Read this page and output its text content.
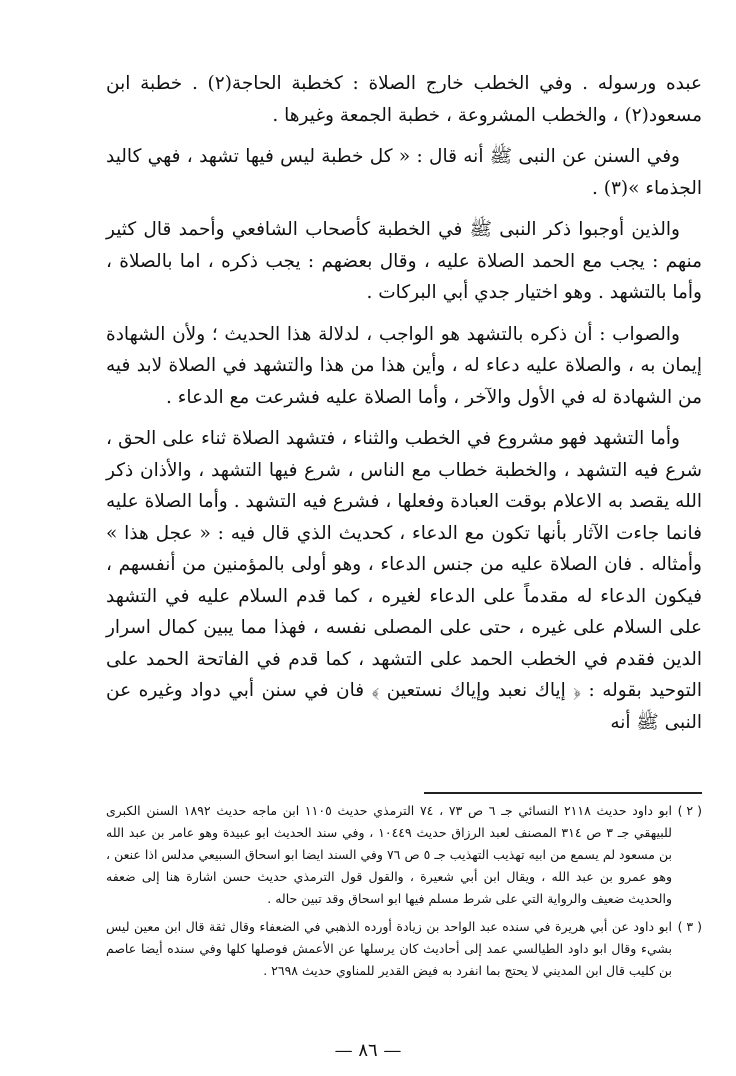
عبده ورسوله . وفي الخطب خارج الصلاة : كخطبة الحاجة(٢) . خطبة ابن مسعود(٢) ، والخطب المشروعة ، خطبة الجمعة وغيرها .

وفي السنن عن النبى ﷺ أنه قال : « كل خطبة ليس فيها تشهد ، فهي كاليد الجذماء »(٣) .

والذين أوجبوا ذكر النبى ﷺ في الخطبة كأصحاب الشافعي وأحمد قال كثير منهم : يجب مع الحمد الصلاة عليه ، وقال بعضهم : يجب ذكره ، اما بالصلاة ، وأما بالتشهد . وهو اختيار جدي أبي البركات .

والصواب : أن ذكره بالتشهد هو الواجب ، لدلالة هذا الحديث ؛ ولأن الشهادة إيمان به ، والصلاة عليه دعاء له ، وأين هذا من هذا والتشهد في الصلاة لابد فيه من الشهادة له في الأول والآخر ، وأما الصلاة عليه فشرعت مع الدعاء .

وأما التشهد فهو مشروع في الخطب والثناء ، فتشهد الصلاة ثناء على الحق ، شرع فيه التشهد ، والخطبة خطاب مع الناس ، شرع فيها التشهد ، والأذان ذكر الله يقصد به الاعلام بوقت العبادة وفعلها ، فشرع فيه التشهد . وأما الصلاة عليه فانما جاءت الآثار بأنها تكون مع الدعاء ، كحديث الذي قال فيه : « عجل هذا » وأمثاله . فان الصلاة عليه من جنس الدعاء ، وهو أولى بالمؤمنين من أنفسهم ، فيكون الدعاء له مقدماً على الدعاء لغيره ، كما قدم السلام عليه في التشهد على السلام على غيره ، حتى على المصلى نفسه ، فهذا مما يبين كمال اسرار الدين فقدم في الخطب الحمد على التشهد ، كما قدم في الفاتحة الحمد على التوحيد بقوله : ﴿ إياك نعبد وإياك نستعين ﴾ فان في سنن أبي دواد وغيره عن النبى ﷺ أنه

( ٢ )
ابو داود حديث ٢١١٨ النسائي جـ ٦ ص ٧٣ ، ٧٤ الترمذي حديث ١١٠٥ ابن ماجه حديث ١٨٩٢ السنن الكبرى للبيهقي جـ ٣ ص ٣١٤ المصنف لعبد الرزاق حديث ١٠٤٤٩ ، وفي سند الحديث ابو عبيدة وهو عامر بن عبد الله بن مسعود لم يسمع من ابيه تهذيب التهذيب جـ ٥ ص ٧٦ وفي السند ايضا ابو اسحاق السبيعي مدلس اذا عنعن ، وهو عمرو بن عبد الله ، ويقال ابن أبي شعيرة ، والقول قول الترمذي حديث حسن اشارة هنا إلى ضعفه والحديث ضعيف والرواية التي على شرط مسلم فيها ابو اسحاق وقد تبين حاله .
( ٣ )
ابو داود عن أبي هريرة في سنده عبد الواحد بن زيادة أورده الذهبي في الضعفاء وقال ثقة قال ابن معين ليس بشيء وقال ابو داود الطيالسي عمد إلى أحاديث كان يرسلها عن الأعمش فوصلها كلها وفي سنده أيضا عاصم بن كليب قال ابن المديني لا يحتج بما انفرد به فيض القدير للمناوي حديث ٢٦٩٨ .
— ٨٦ —
